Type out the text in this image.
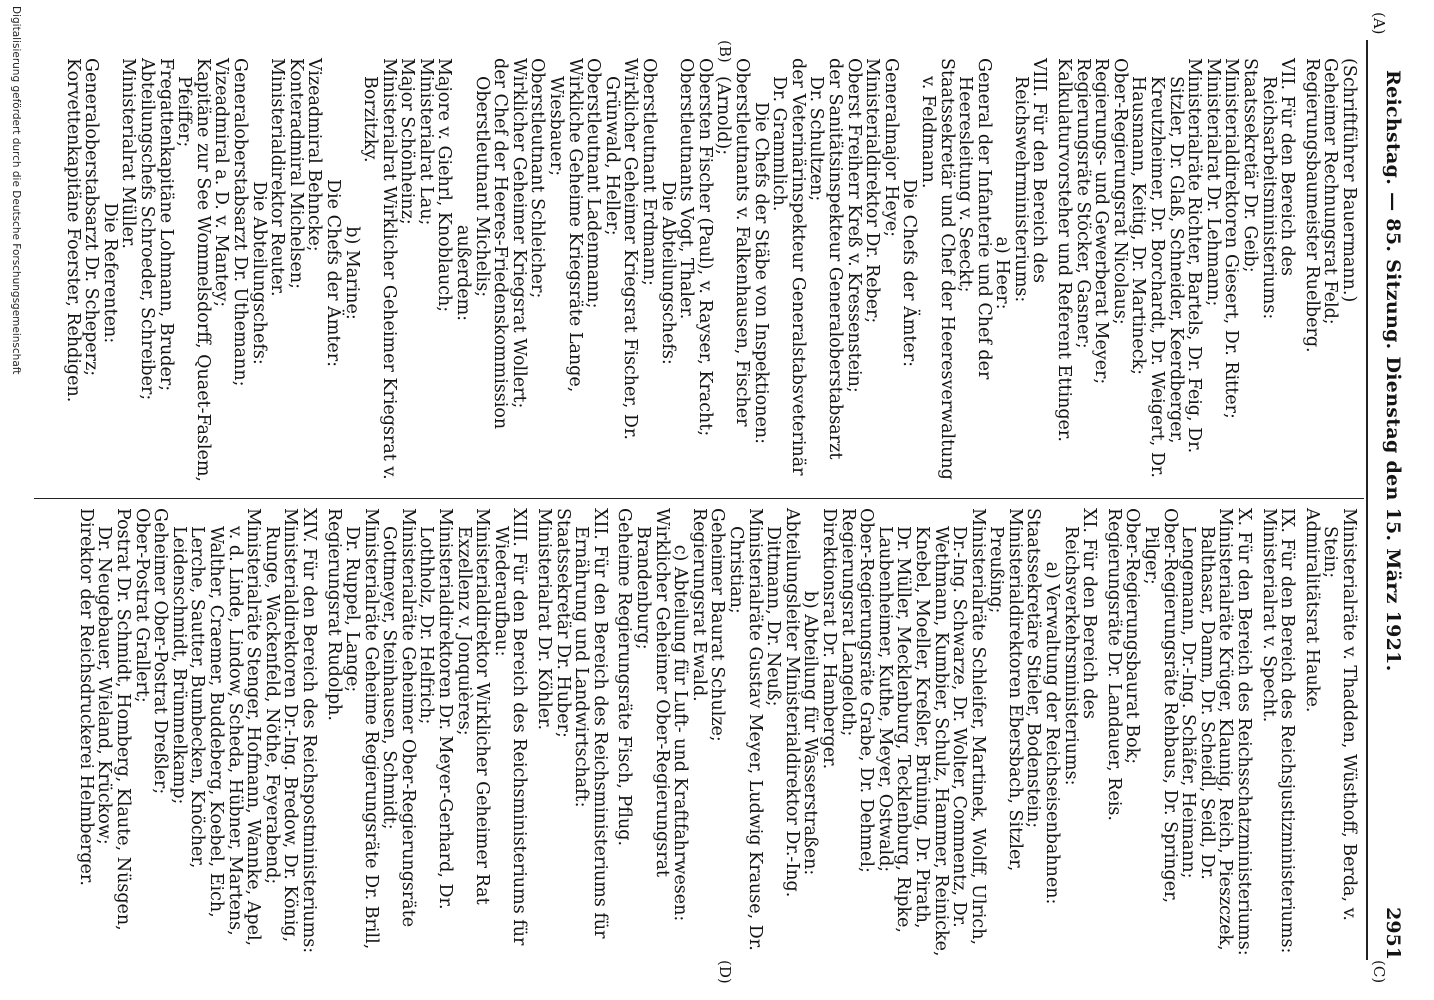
Reichstag. — 85. Sitzung. Dienstag den 15. März 1921.
2951
(A)
(B)
(C)
(D)

(Schriftführer Bauermann.)

Geheimer Rechnungsrat Feld;

Regierungsbaumeister Ruelberg.

VII. Für den Bereich des Reichsarbeitsministeriums:

Staatssekretär Dr. Geib;

Ministerialdirektoren Giesert, Dr. Ritter;

Ministerialrat Dr. Lehmann;

Ministerialräte Richter, Bartels, Dr. Feig, Dr. Sitzler, Dr. Glaß, Schneider, Keerdberger, Kreutzheimer, Dr. Borchardt, Dr. Weigert, Dr. Hausmann, Keitig, Dr. Martineck;

Ober-Regierungsrat Nicolaus;

Regierungs- und Gewerberat Meyer;

Regierungsräte Stöcker, Gasner;

Kalkulaturvorsteher und Referent Ettinger.

VIII. Für den Bereich des Reichswehrministeriums:

a) Heer:

General der Infanterie und Chef der Heeresleitung v. Seeckt;

Staatssekretär und Chef der Heeresverwaltung v. Feldmann.

Die Chefs der Ämter:

Generalmajor Heye;

Ministerialdirektor Dr. Reber;

Oberst Freiherr Kreß v. Kressenstein;

der Sanitätsinspekteur Generaloberstabsarzt Dr. Schultzen;

der Veterinärinspekteur Generalstabsveterinär Dr. Grammlich.

Die Chefs der Stäbe von Inspektionen:

Oberstleutnants v. Falkenhausen, Fischer (Arnold);

Obersten Fischer (Paul), v. Rayser, Kracht;

Oberstleutnants Vogt, Thaler.

Die Abteilungschefs:

Oberstleutnant Erdmann;

Wirklicher Geheimer Kriegsrat Fischer, Dr. Grünwald, Heller;

Oberstleutnant Ladenmann;

Wirkliche Geheime Kriegsräte Lange, Wiesbauer;

Oberstleutnant Schleicher;

Wirklicher Geheimer Kriegsrat Wollert;

der Chef der Heeres-Friedenskommission Oberstleutnant Michelis;

außerdem:

Majore v. Giehrl, Knoblauch;

Ministerialrat Lau;

Major Schönheinz;

Ministerialrat Wirklicher Geheimer Kriegsrat v. Borzitzky.

b) Marine:

Die Chefs der Ämter:

Vizeadmiral Behncke;

Konteradmiral Michelsen;

Ministerialdirektor Reuter.

Die Abteilungschefs:

Generaloberstabsarzt Dr. Uthemann;

Vizeadmiral a. D. v. Mantey;

Kapitäne zur See Wommelsdorff, Quaet-Faslem, Pfeiffer;

Fregattenkapitäne Lohmann, Bruder;

Abteilungschefs Schroeder, Schreiber;

Ministerialrat Müller.

Die Referenten:

Generaloberstabsarzt Dr. Scheperz;

Korvettenkapitäne Foerster, Rehdigen.

Ministerialräte v. Thadden, Wüsthoff, Berda, v. Stein;

Admiralitätsrat Hauke.

IX. Für den Bereich des Reichsjustizministeriums:

Ministerialrat v. Specht.

X. Für den Bereich des Reichsschatzministeriums:

Ministerialräte Krüger, Klaunig, Reich, Pieszczek, Balthasar, Damm, Dr. Scheidl, Seidl, Dr. Lengemann, Dr.-Ing. Schäfer, Heimann;

Ober-Regierungsräte Rehbaus, Dr. Springer, Pilger;

Ober-Regierungsbaurat Bok;

Regierungsräte Dr. Landauer, Reis.

XI. Für den Bereich des Reichsverkehrsministeriums:

a) Verwaltung der Reichseisenbahnen:

Staatssekretäre Stieler, Bodenstein;

Ministerialdirektoren Ebersbach, Sitzler, Preußing;

Ministerialräte Schleifer, Martinek, Wolff, Ulrich, Dr.-Ing. Schwarze, Dr. Wolter, Commentz, Dr. Wethmann, Kumbier, Schulz, Hammer, Reinicke, Knebel, Moeller, Kreßler, Brüning, Dr. Pirath, Dr. Müller, Mecklenburg, Tecklenburg, Ripke, Laubenheimer, Kuthe, Meyer, Ostwald;

Ober-Regierungsräte Grabe, Dr. Dehmel;

Regierungsrat Langeloth;

Direktionsrat Dr. Hamberger.

b) Abteilung für Wasserstraßen:

Abteilungsleiter Ministerialdirektor Dr.-Ing. Dittmann, Dr. Neuß;

Ministerialräte Gustav Meyer, Ludwig Krause, Dr. Christian;

Geheimer Baurat Schulze;

Regierungsrat Ewald.

c) Abteilung für Luft- und Kraftfahrwesen:

Wirklicher Geheimer Ober-Regierungsrat Brandenburg;

Geheime Regierungsräte Fisch, Pflug.

XII. Für den Bereich des Reichsministeriums für Ernährung und Landwirtschaft:

Staatssekretär Dr. Huber;

Ministerialrat Dr. Köhler.

XIII. Für den Bereich des Reichsministeriums für Wiederaufbau:

Ministerialdirektor Wirklicher Geheimer Rat Exzellenz v. Jonquières;

Ministerialdirektoren Dr. Meyer-Gerhard, Dr. Lothholz, Dr. Helfrich;

Ministerialräte Geheimer Ober-Regierungsräte Gottmeyer, Steinhausen, Schmidt;

Ministerialräte Geheime Regierungsräte Dr. Brill, Dr. Ruppel, Lange;

Regierungsrat Rudolph.

XIV. Für den Bereich des Reichspostministeriums:

Ministerialdirektoren Dr.-Ing. Bredow, Dr. König, Runge, Wackenfeld, Nöthe, Feyerabend;

Ministerialräte Stenger, Hofmann, Wannke, Apel, v. d. Linde, Lindow, Scheda, Hübner, Martens, Walther, Craemer, Buddeberg, Koebel, Eich, Lerche, Sautter, Bumbecken, Knöcher, Leidenschmidt, Brümmelkamp;

Geheimer Ober-Postrat Dreßler;

Ober-Postrat Grallert;

Postrat Dr. Schmidt, Homberg, Klaute, Nüsgen, Dr. Neugebauer, Wieland, Krückow;

Direktor der Reichsdruckerei Helmberger.

Digitalisierung gefördert durch die Deutsche Forschungsgemeinschaft
